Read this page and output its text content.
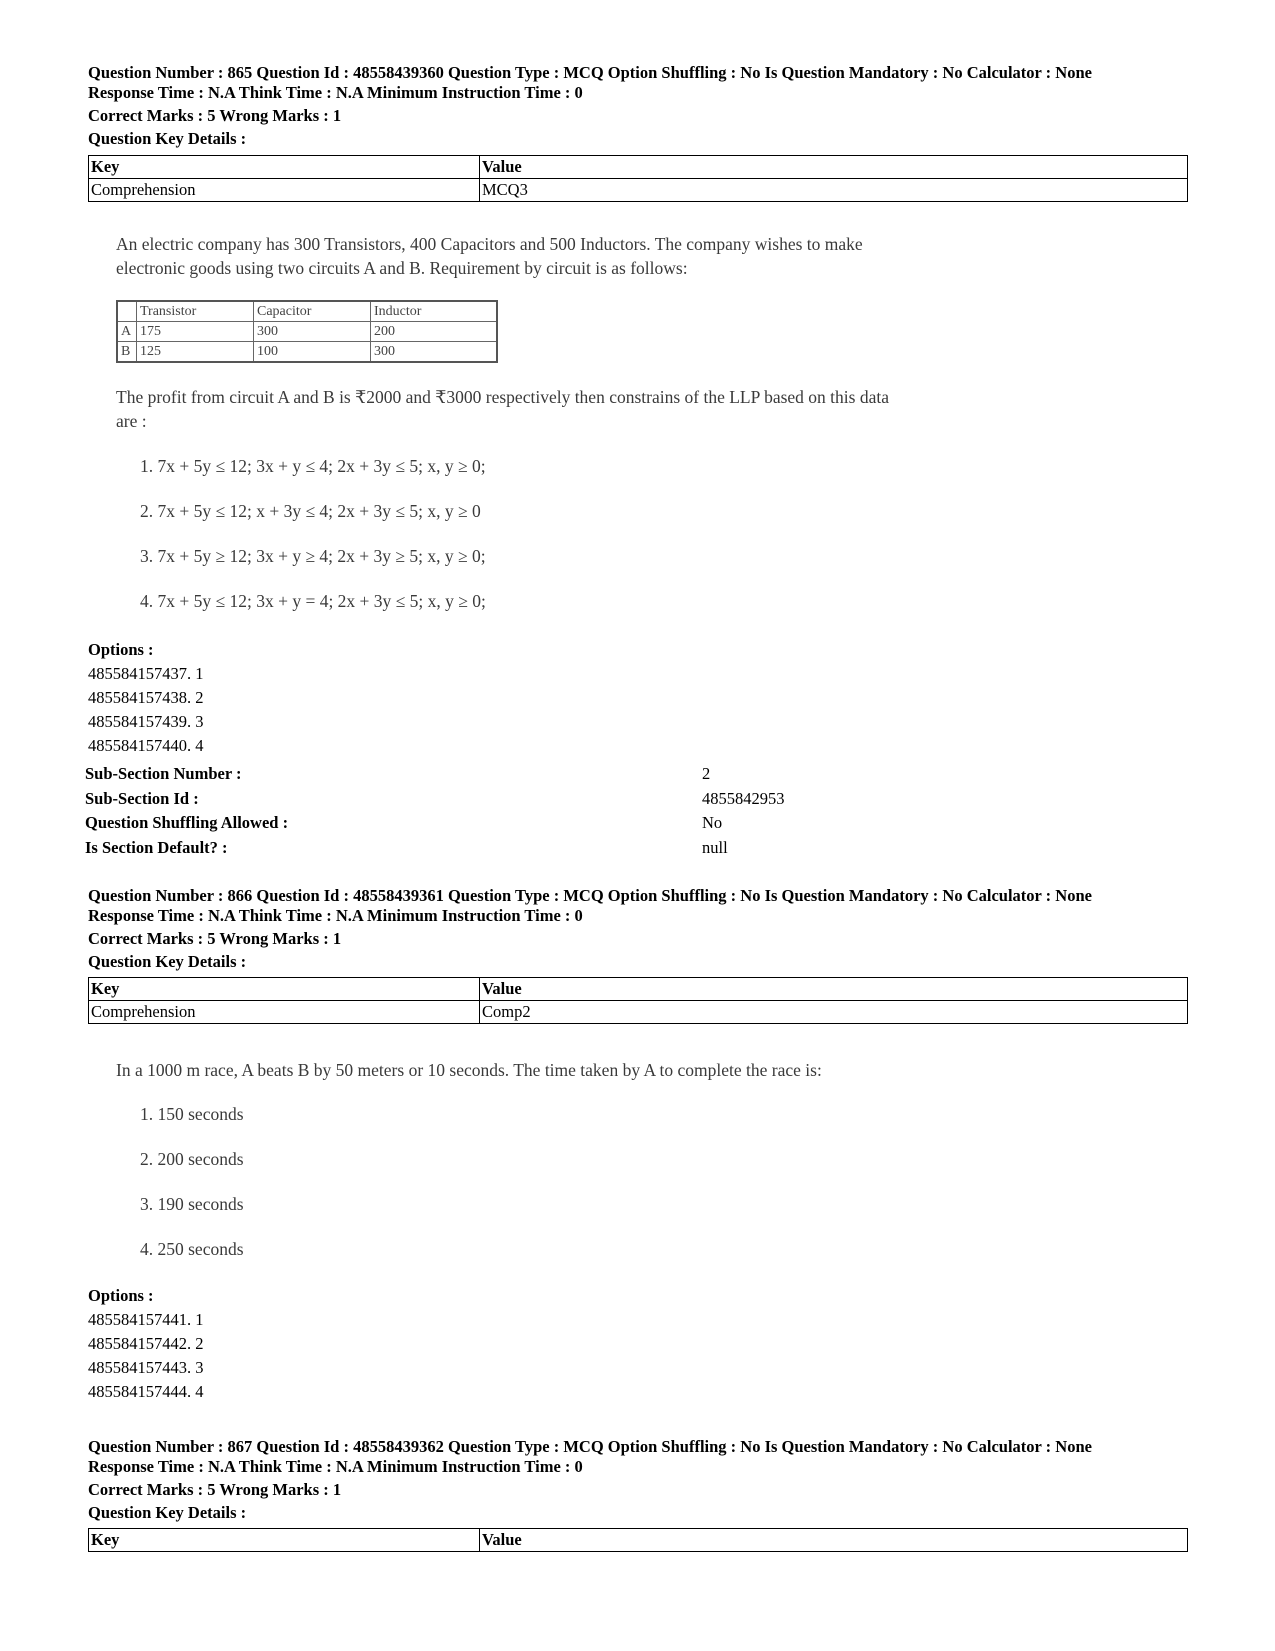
Question Number : 865 Question Id : 48558439360 Question Type : MCQ Option Shuffling : No Is Question Mandatory : No Calculator : None
Response Time : N.A Think Time : N.A Minimum Instruction Time : 0
Correct Marks : 5 Wrong Marks : 1
Question Key Details :
Key	Value
Comprehension	MCQ3
An electric company has 300 Transistors, 400 Capacitors and 500 Inductors. The company wishes to make
electronic goods using two circuits A and B. Requirement by circuit is as follows:
	Transistor	Capacitor	Inductor
A	175	300	200
B	125	100	300
The profit from circuit A and B is ₹2000 and ₹3000 respectively then constrains of the LLP based on this data
are :
1. 7x + 5y ≤ 12; 3x + y ≤ 4; 2x + 3y ≤ 5; x, y ≥ 0;
2. 7x + 5y ≤ 12; x + 3y ≤ 4; 2x + 3y ≤ 5; x, y ≥ 0
3. 7x + 5y ≥ 12; 3x + y ≥ 4; 2x + 3y ≥ 5; x, y ≥ 0;
4. 7x + 5y ≤ 12; 3x + y = 4; 2x + 3y ≤ 5; x, y ≥ 0;
Options :
485584157437. 1
485584157438. 2
485584157439. 3
485584157440. 4
Sub-Section Number :	2
Sub-Section Id :	4855842953
Question Shuffling Allowed :	No
Is Section Default? :	null
Question Number : 866 Question Id : 48558439361 Question Type : MCQ Option Shuffling : No Is Question Mandatory : No Calculator : None
Response Time : N.A Think Time : N.A Minimum Instruction Time : 0
Correct Marks : 5 Wrong Marks : 1
Question Key Details :
Key	Value
Comprehension	Comp2
In a 1000 m race, A beats B by 50 meters or 10 seconds. The time taken by A to complete the race is:
1. 150 seconds
2. 200 seconds
3. 190 seconds
4. 250 seconds
Options :
485584157441. 1
485584157442. 2
485584157443. 3
485584157444. 4
Question Number : 867 Question Id : 48558439362 Question Type : MCQ Option Shuffling : No Is Question Mandatory : No Calculator : None
Response Time : N.A Think Time : N.A Minimum Instruction Time : 0
Correct Marks : 5 Wrong Marks : 1
Question Key Details :
Key	Value
